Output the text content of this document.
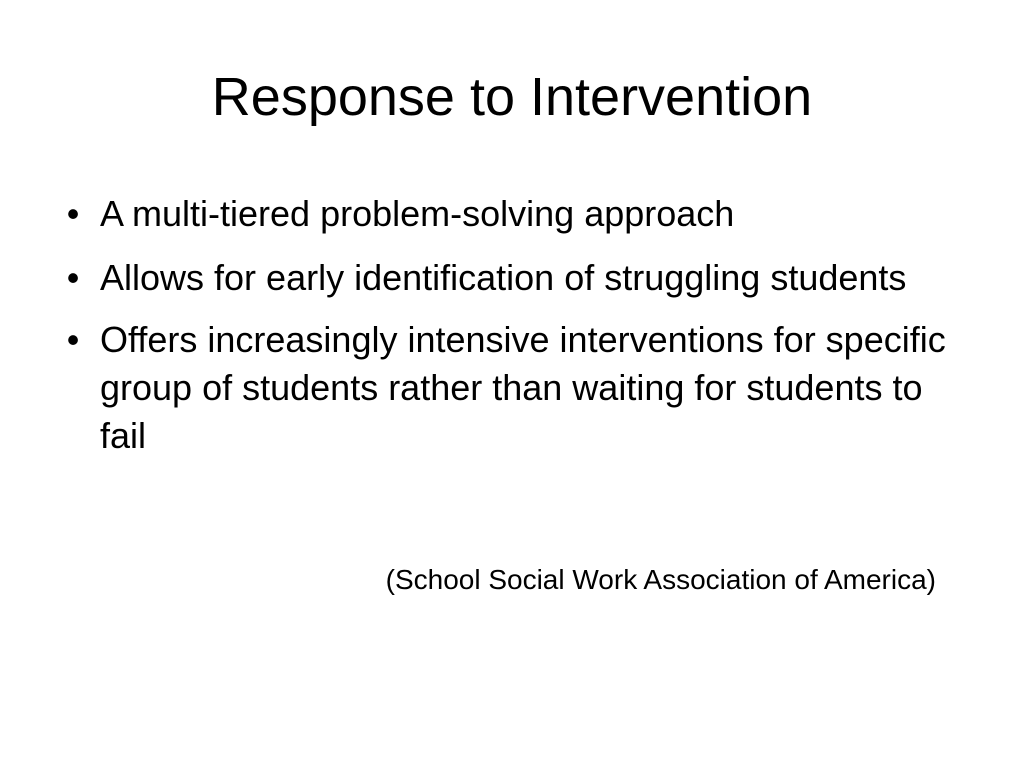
Response to Intervention
• A multi-tiered problem-solving approach
• Allows for early identification of struggling students
• Offers increasingly intensive interventions for specific group of students rather than waiting for students to fail
(School Social Work Association of America)
